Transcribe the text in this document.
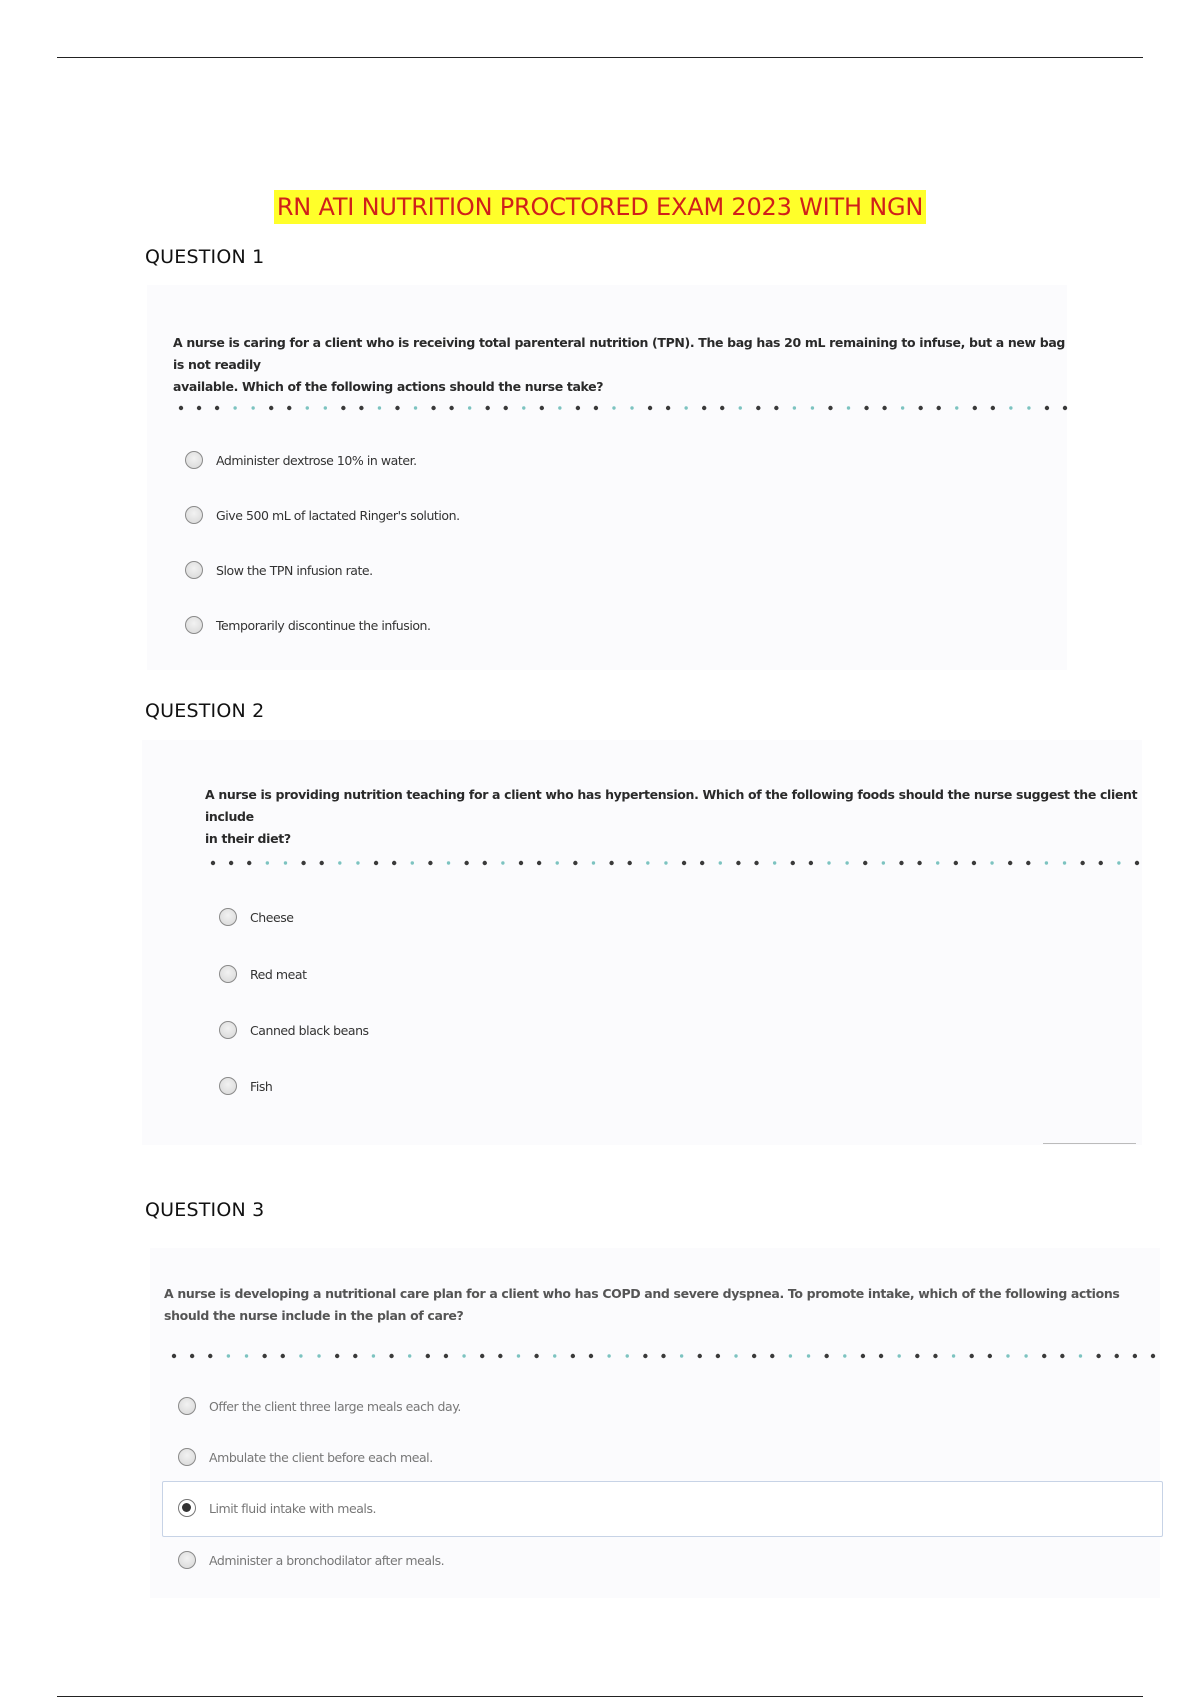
RN ATI NUTRITION PROCTORED EXAM 2023 WITH NGN
QUESTION 1
A nurse is caring for a client who is receiving total parenteral nutrition (TPN). The bag has 20 mL remaining to infuse, but a new bag is not readily
available. Which of the following actions should the nurse take?
Administer dextrose 10% in water.
Give 500 mL of lactated Ringer's solution.
Slow the TPN infusion rate.
Temporarily discontinue the infusion.
QUESTION 2
A nurse is providing nutrition teaching for a client who has hypertension. Which of the following foods should the nurse suggest the client include
in their diet?
Cheese
Red meat
Canned black beans
Fish
QUESTION 3
A nurse is developing a nutritional care plan for a client who has COPD and severe dyspnea. To promote intake, which of the following actions
should the nurse include in the plan of care?
Offer the client three large meals each day.
Ambulate the client before each meal.
Limit fluid intake with meals.
Administer a bronchodilator after meals.
